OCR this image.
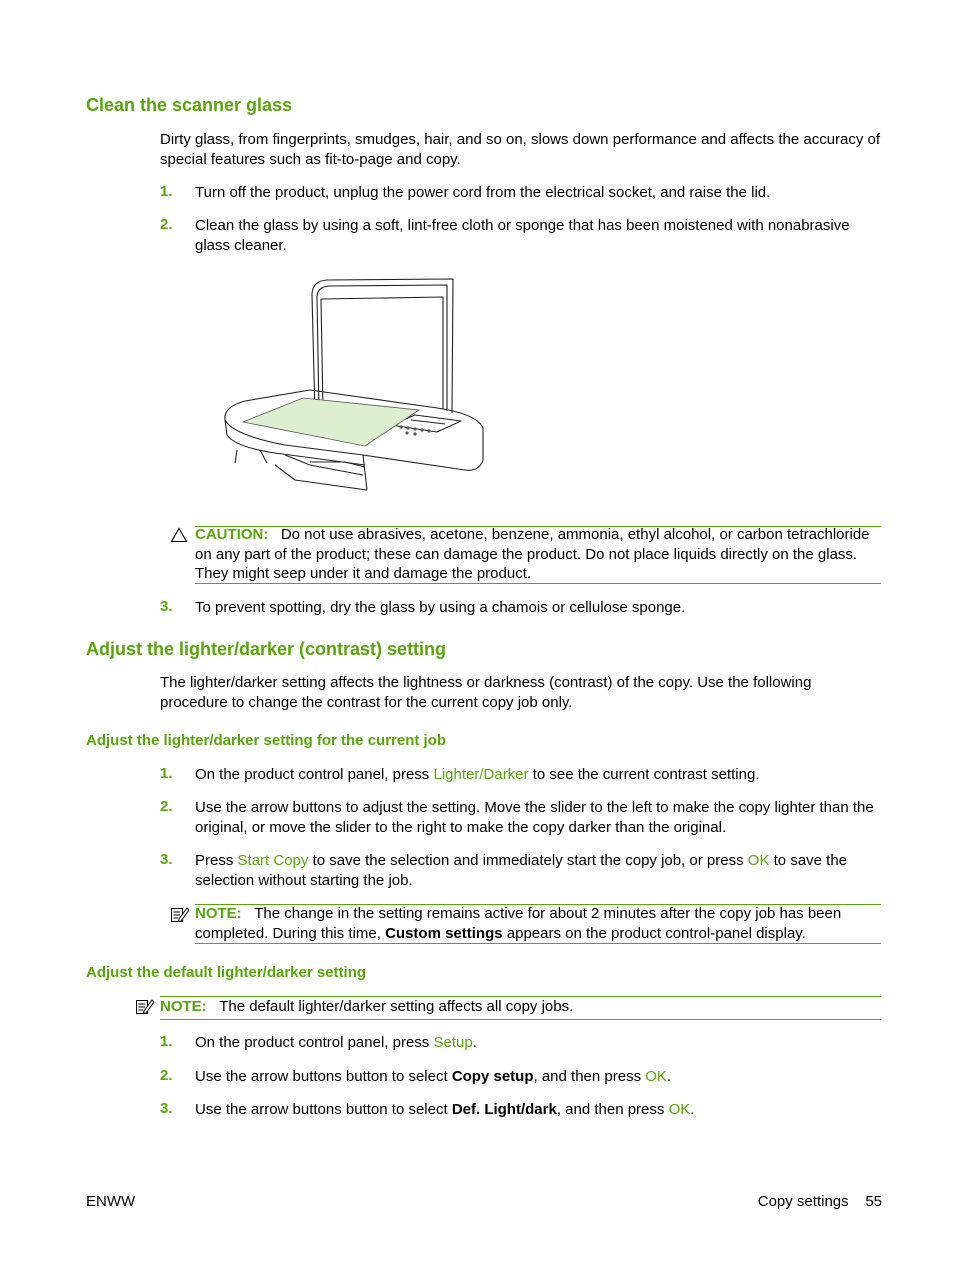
Clean the scanner glass
Dirty glass, from fingerprints, smudges, hair, and so on, slows down performance and affects the accuracy of special features such as fit-to-page and copy.
1. Turn off the product, unplug the power cord from the electrical socket, and raise the lid.
2. Clean the glass by using a soft, lint-free cloth or sponge that has been moistened with nonabrasive glass cleaner.
CAUTION: Do not use abrasives, acetone, benzene, ammonia, ethyl alcohol, or carbon tetrachloride on any part of the product; these can damage the product. Do not place liquids directly on the glass. They might seep under it and damage the product.
3. To prevent spotting, dry the glass by using a chamois or cellulose sponge.
Adjust the lighter/darker (contrast) setting
The lighter/darker setting affects the lightness or darkness (contrast) of the copy. Use the following procedure to change the contrast for the current copy job only.
Adjust the lighter/darker setting for the current job
1. On the product control panel, press Lighter/Darker to see the current contrast setting.
2. Use the arrow buttons to adjust the setting. Move the slider to the left to make the copy lighter than the original, or move the slider to the right to make the copy darker than the original.
3. Press Start Copy to save the selection and immediately start the copy job, or press OK to save the selection without starting the job.
NOTE: The change in the setting remains active for about 2 minutes after the copy job has been completed. During this time, Custom settings appears on the product control-panel display.
Adjust the default lighter/darker setting
NOTE: The default lighter/darker setting affects all copy jobs.
1. On the product control panel, press Setup.
2. Use the arrow buttons button to select Copy setup, and then press OK.
3. Use the arrow buttons button to select Def. Light/dark, and then press OK.
ENWW	Copy settings 55
